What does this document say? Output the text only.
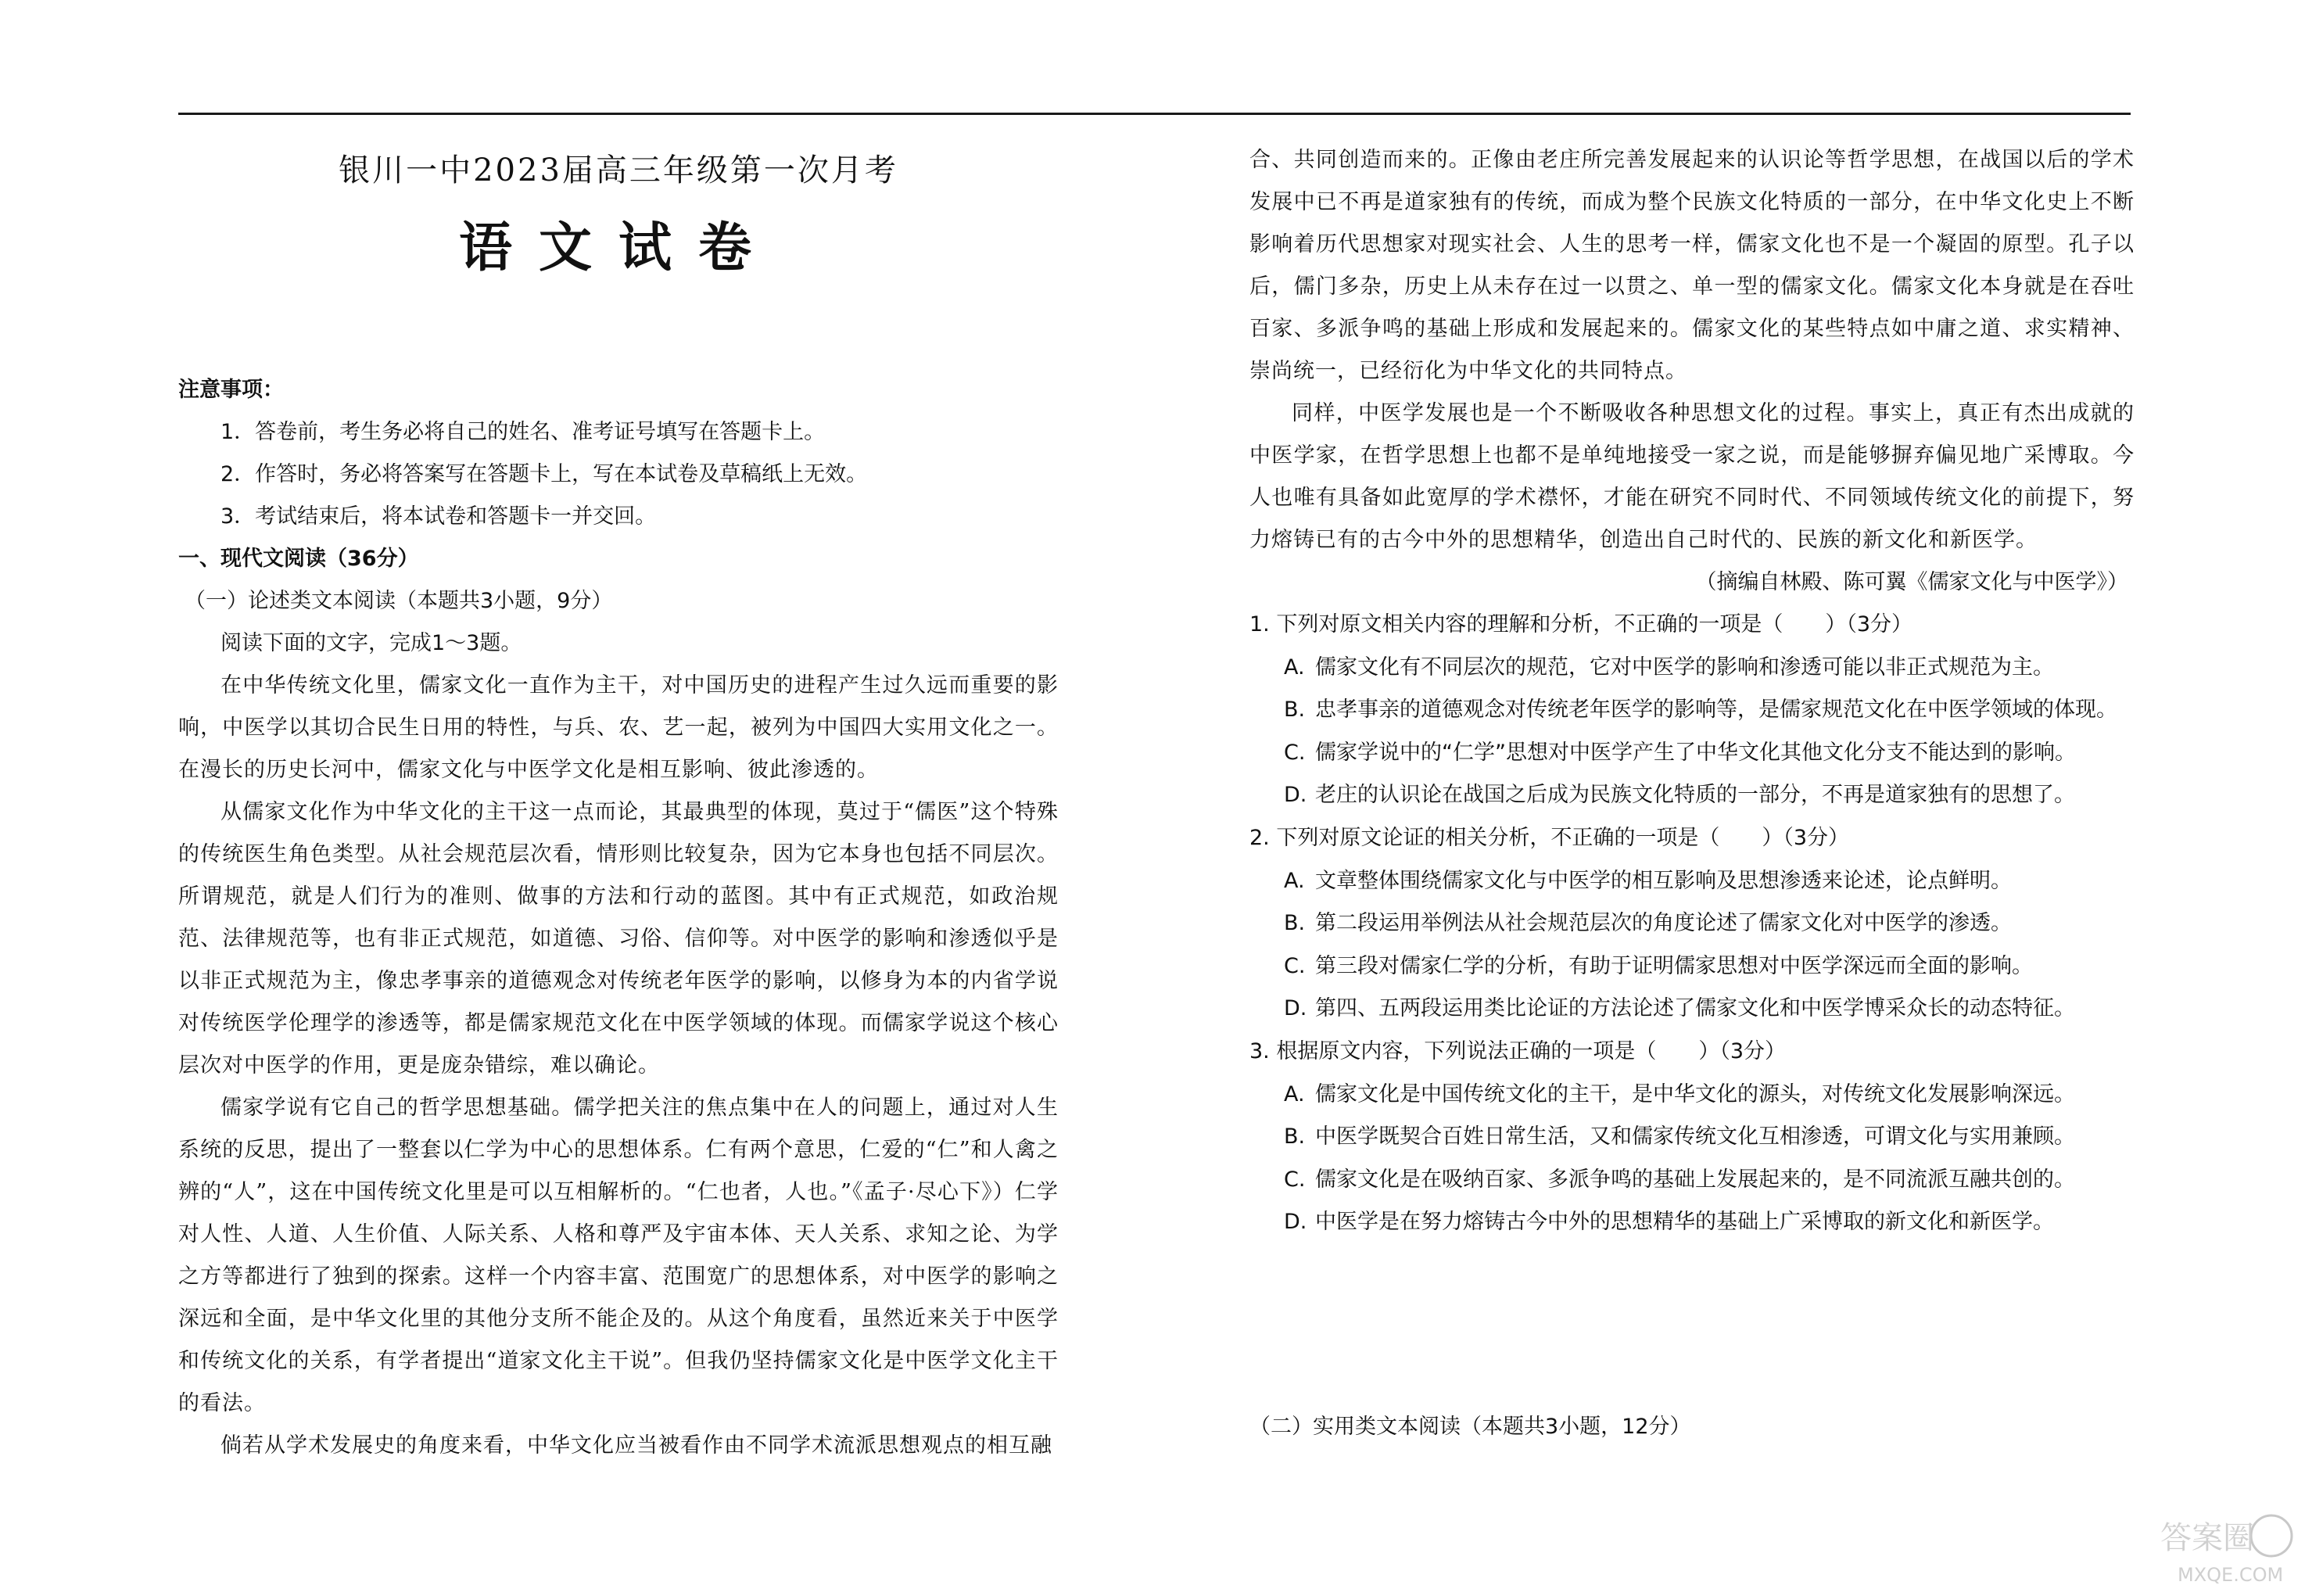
银川一中2023届高三年级第一次月考
语文试卷
注意事项：
1．答卷前，考生务必将自己的姓名、准考证号填写在答题卡上。
2．作答时，务必将答案写在答题卡上，写在本试卷及草稿纸上无效。
3．考试结束后，将本试卷和答题卡一并交回。
一、现代文阅读（36分）
（一）论述类文本阅读（本题共3小题，9分）
阅读下面的文字，完成1～3题。

在中华传统文化里，儒家文化一直作为主干，对中国历史的进程产生过久远而重要的影响，中医学以其切合民生日用的特性，与兵、农、艺一起，被列为中国四大实用文化之一。在漫长的历史长河中，儒家文化与中医学文化是相互影响、彼此渗透的。

从儒家文化作为中华文化的主干这一点而论，其最典型的体现，莫过于“儒医”这个特殊的传统医生角色类型。从社会规范层次看，情形则比较复杂，因为它本身也包括不同层次。所谓规范，就是人们行为的准则、做事的方法和行动的蓝图。其中有正式规范，如政治规范、法律规范等，也有非正式规范，如道德、习俗、信仰等。对中医学的影响和渗透似乎是以非正式规范为主，像忠孝事亲的道德观念对传统老年医学的影响，以修身为本的内省学说对传统医学伦理学的渗透等，都是儒家规范文化在中医学领域的体现。而儒家学说这个核心层次对中医学的作用，更是庞杂错综，难以确论。

儒家学说有它自己的哲学思想基础。儒学把关注的焦点集中在人的问题上，通过对人生系统的反思，提出了一整套以仁学为中心的思想体系。仁有两个意思，仁爱的“仁”和人禽之辨的“人”，这在中国传统文化里是可以互相解析的。“仁也者，人也。”《孟子·尽心下》）仁学对人性、人道、人生价值、人际关系、人格和尊严及宇宙本体、天人关系、求知之论、为学之方等都进行了独到的探索。这样一个内容丰富、范围宽广的思想体系，对中医学的影响之深远和全面，是中华文化里的其他分支所不能企及的。从这个角度看，虽然近来关于中医学和传统文化的关系，有学者提出“道家文化主干说”。但我仍坚持儒家文化是中医学文化主干的看法。

倘若从学术发展史的角度来看，中华文化应当被看作由不同学术流派思想观点的相互融

合、共同创造而来的。正像由老庄所完善发展起来的认识论等哲学思想，在战国以后的学术发展中已不再是道家独有的传统，而成为整个民族文化特质的一部分，在中华文化史上不断影响着历代思想家对现实社会、人生的思考一样，儒家文化也不是一个凝固的原型。孔子以后，儒门多杂，历史上从未存在过一以贯之、单一型的儒家文化。儒家文化本身就是在吞吐百家、多派争鸣的基础上形成和发展起来的。儒家文化的某些特点如中庸之道、求实精神、崇尚统一，已经衍化为中华文化的共同特点。

同样，中医学发展也是一个不断吸收各种思想文化的过程。事实上，真正有杰出成就的中医学家，在哲学思想上也都不是单纯地接受一家之说，而是能够摒弃偏见地广采博取。今人也唯有具备如此宽厚的学术襟怀，才能在研究不同时代、不同领域传统文化的前提下，努力熔铸已有的古今中外的思想精华，创造出自己时代的、民族的新文化和新医学。

（摘编自林殿、陈可翼《儒家文化与中医学》）
1. 下列对原文相关内容的理解和分析，不正确的一项是（　　）（3分）
A. 儒家文化有不同层次的规范，它对中医学的影响和渗透可能以非正式规范为主。
B. 忠孝事亲的道德观念对传统老年医学的影响等，是儒家规范文化在中医学领域的体现。
C. 儒家学说中的“仁学”思想对中医学产生了中华文化其他文化分支不能达到的影响。
D. 老庄的认识论在战国之后成为民族文化特质的一部分，不再是道家独有的思想了。
2. 下列对原文论证的相关分析，不正确的一项是（　　）（3分）
A. 文章整体围绕儒家文化与中医学的相互影响及思想渗透来论述，论点鲜明。
B. 第二段运用举例法从社会规范层次的角度论述了儒家文化对中医学的渗透。
C. 第三段对儒家仁学的分析，有助于证明儒家思想对中医学深远而全面的影响。
D. 第四、五两段运用类比论证的方法论述了儒家文化和中医学博采众长的动态特征。
3. 根据原文内容，下列说法正确的一项是（　　）（3分）
A. 儒家文化是中国传统文化的主干，是中华文化的源头，对传统文化发展影响深远。
B. 中医学既契合百姓日常生活，又和儒家传统文化互相渗透，可谓文化与实用兼顾。
C. 儒家文化是在吸纳百家、多派争鸣的基础上发展起来的，是不同流派互融共创的。
D. 中医学是在努力熔铸古今中外的思想精华的基础上广采博取的新文化和新医学。
（二）实用类文本阅读（本题共3小题，12分）
答案圈
MXQE.COM
